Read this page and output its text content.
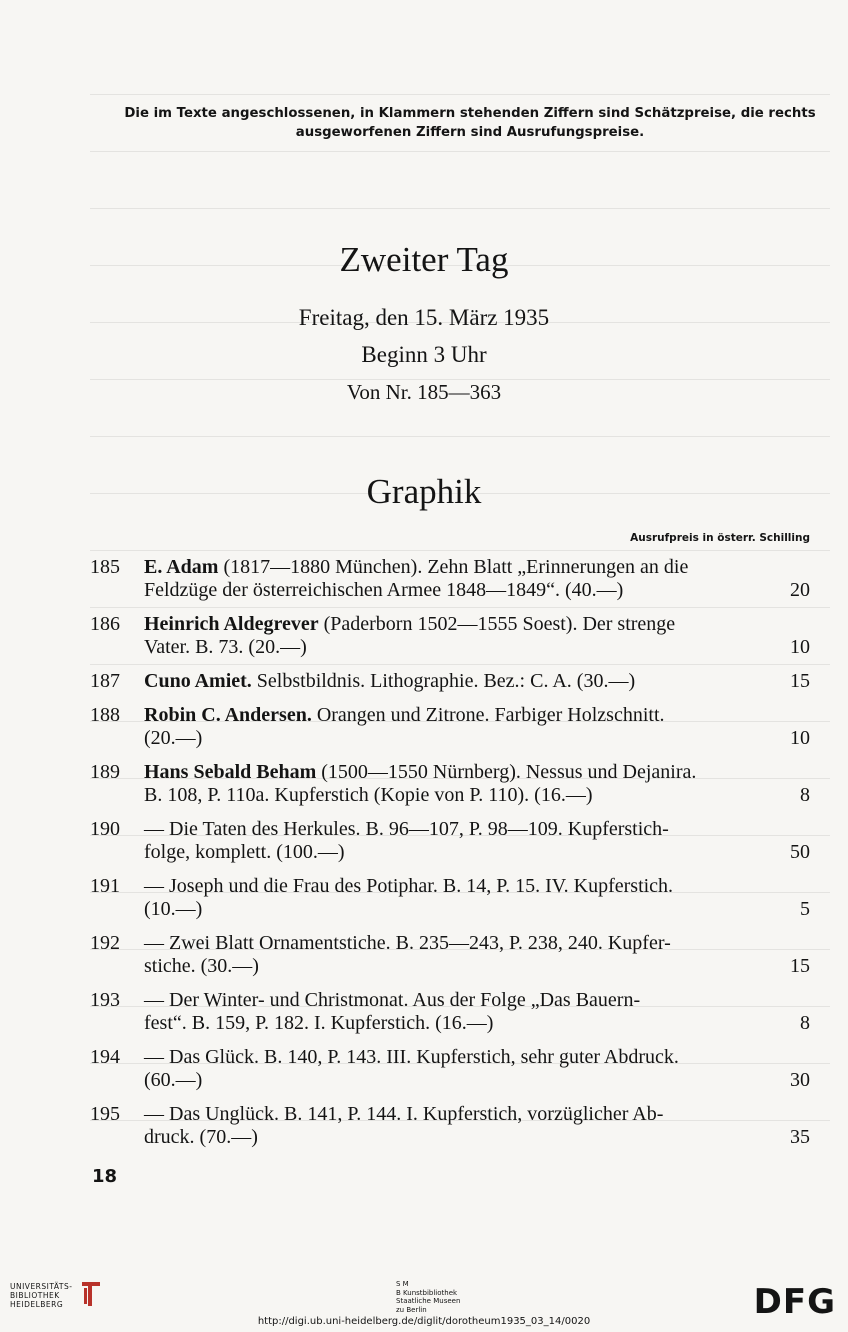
Die im Texte angeschlossenen, in Klammern stehenden Ziffern sind Schätzpreise, die rechts ausgeworfenen Ziffern sind Ausrufungspreise.
Zweiter Tag
Freitag, den 15. März 1935
Beginn 3 Uhr
Von Nr. 185—363
Graphik
Ausrufpreis in österr. Schilling
185	E. Adam (1817—1880 München). Zehn Blatt „Erinnerungen an die
Feldzüge der österreichischen Armee 1848—1849“. (40.—)	20
186	Heinrich Aldegrever (Paderborn 1502—1555 Soest). Der strenge
Vater. B. 73. (20.—)	10
187	Cuno Amiet. Selbstbildnis. Lithographie. Bez.: C. A. (30.—)	15
188	Robin C. Andersen. Orangen und Zitrone. Farbiger Holzschnitt.
(20.—)	10
189	Hans Sebald Beham (1500—1550 Nürnberg). Nessus und Dejanira.
B. 108, P. 110a. Kupferstich (Kopie von P. 110). (16.—)	8
190	— Die Taten des Herkules. B. 96—107, P. 98—109. Kupferstich-
folge, komplett. (100.—)	50
191	— Joseph und die Frau des Potiphar. B. 14, P. 15. IV. Kupferstich.
(10.—)	5
192	— Zwei Blatt Ornamentstiche. B. 235—243, P. 238, 240. Kupfer-
stiche. (30.—)	15
193	— Der Winter- und Christmonat. Aus der Folge „Das Bauern-
fest“. B. 159, P. 182. I. Kupferstich. (16.—)	8
194	— Das Glück. B. 140, P. 143. III. Kupferstich, sehr guter Abdruck.
(60.—)	30
195	— Das Unglück. B. 141, P. 144. I. Kupferstich, vorzüglicher Ab-
druck. (70.—)	35
18
UNIVERSITÄTS-
BIBLIOTHEK
HEIDELBERG
S M
B Kunstbibliothek
Staatliche Museen
zu Berlin	DFG
http://digi.ub.uni-heidelberg.de/diglit/dorotheum1935_03_14/0020
